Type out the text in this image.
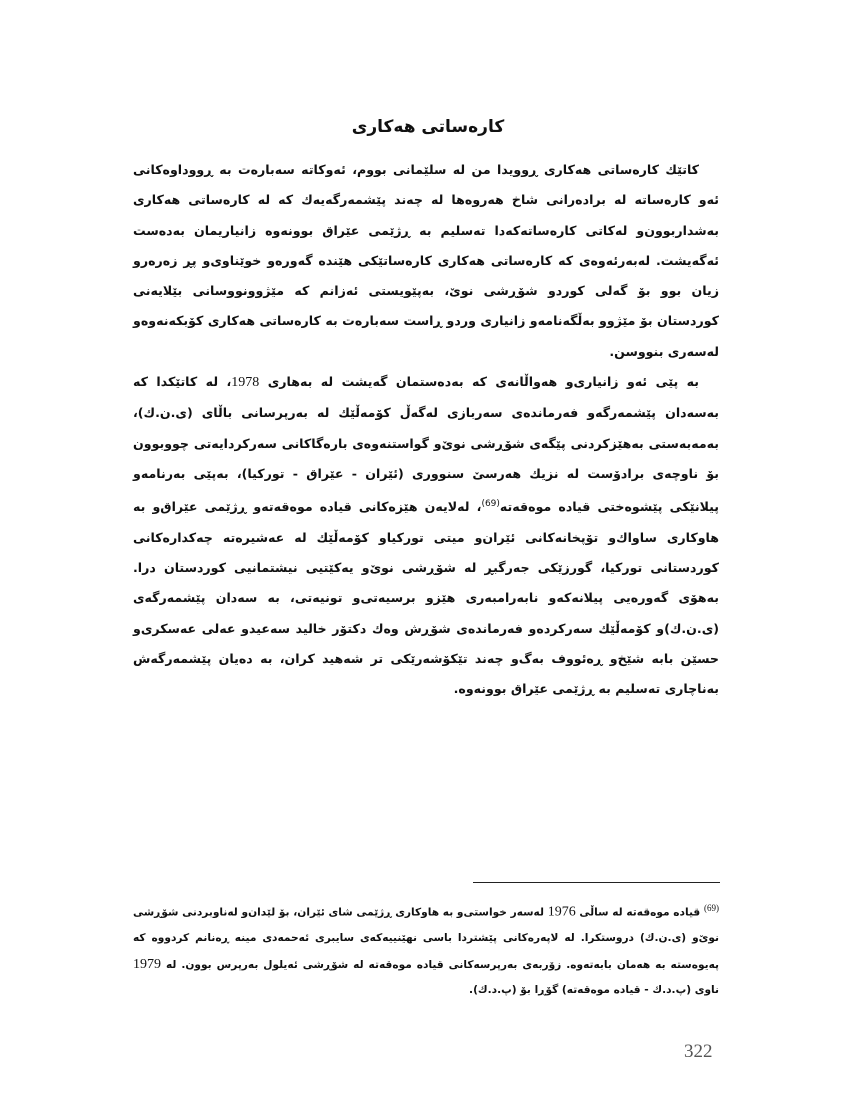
کارەساتی هەکاری

کاتێك کارەساتی هەکاری ڕوویدا من لە سلێمانی بووم، ئەوکاتە سەبارەت بە ڕووداوەکانی ئەو کارەساتە لە برادەرانی شاخ هەروەها لە چەند پێشمەرگەیەك کە لە کارەساتی هەکاری بەشداربوون‌و لەکاتی کارەساتەکەدا تەسلیم بە ڕژێمی عێراق بوونەوە زانیاریمان بەدەست ئەگەیشت. لەبەرئەوەی کە کارەساتی هەکاری کارەساتێکی هێندە گەورەو خوێناوی‌و پڕ زەرەرو زیان بوو بۆ گەلی کوردو شۆڕشی نوێ، بەپێویستی ئەزانم کە مێژوونووسانی بێلایەنی کوردستان بۆ مێژوو بەڵگەنامەو زانیاری وردو ڕاست سەبارەت بە کارەساتی هەکاری کۆبکەنەوەو لەسەری بنووسن.

بە پێی ئەو زانیاری‌و هەواڵانەی کە بەدەستمان گەیشت لە بەهاری 1978، لە کاتێکدا کە بەسەدان پێشمەرگەو فەرماندەی سەربازی لەگەڵ کۆمەڵێك لە بەرپرسانی باڵای (ی.ن.ك)، بەمەبەستی بەهێزکردنی پێگەی شۆڕشی نوێ‌و گواستنەوەی بارەگاکانی سەرکردایەتی چووبوون بۆ ناوچەی برادۆست لە نزیك هەرسێ سنووری (ئێران - عێراق - تورکیا)، بەپێی بەرنامەو پیلانێکی پێشوەختی قیادە موەقەتە$^{(69)}$، لەلایەن هێزەکانی قیادە موەقەتەو ڕژێمی عێراق‌و بە هاوکاری ساواك‌و تۆپخانەکانی ئێران‌و میتی تورکیاو کۆمەڵێك لە عەشیرەتە چەکدارەکانی کوردستانی تورکیا، گورزێکی جەرگبڕ لە شۆڕشی نوێ‌و یەکێتیی نیشتمانیی کوردستان درا. بەهۆی گەورەیی پیلانەکەو نابەرامبەری هێزو برسیەتی‌و تونیەتی، بە سەدان پێشمەرگەی (ی.ن.ك)و کۆمەڵێك سەرکردەو فەرماندەی شۆڕش وەك دکتۆر خالید سەعیدو عەلی عەسکری‌و حسێن بابە شێخ‌و ڕەئووف بەگ‌و چەند تێکۆشەرێکی تر شەهید کران، بە دەیان پێشمەرگەش بەناچاری تەسلیم بە ڕژێمی عێراق بوونەوە.

$^{(69)}$ قیادە موەقەتە لە ساڵی 1976 لەسەر خواستی‌و بە هاوکاری ڕژێمی شای ئێران، بۆ لێدان‌و لەناوبردنی شۆڕشی نوێ‌و (ی.ن.ك) دروستکرا. لە لاپەرەکانی پێشتردا باسی نهێنییەکەی سایبری ئەحمەدی مینە ڕەنانم کردووە کە پەیوەستە بە هەمان بابەتەوە. زۆربەی بەرپرسەکانی قیادە موەقەتە لە شۆڕشی ئەیلول بەرپرس بوون. لە 1979 ناوی (پ.د.ك - قیادە موەقەتە) گۆڕا بۆ (پ.د.ك).

322
